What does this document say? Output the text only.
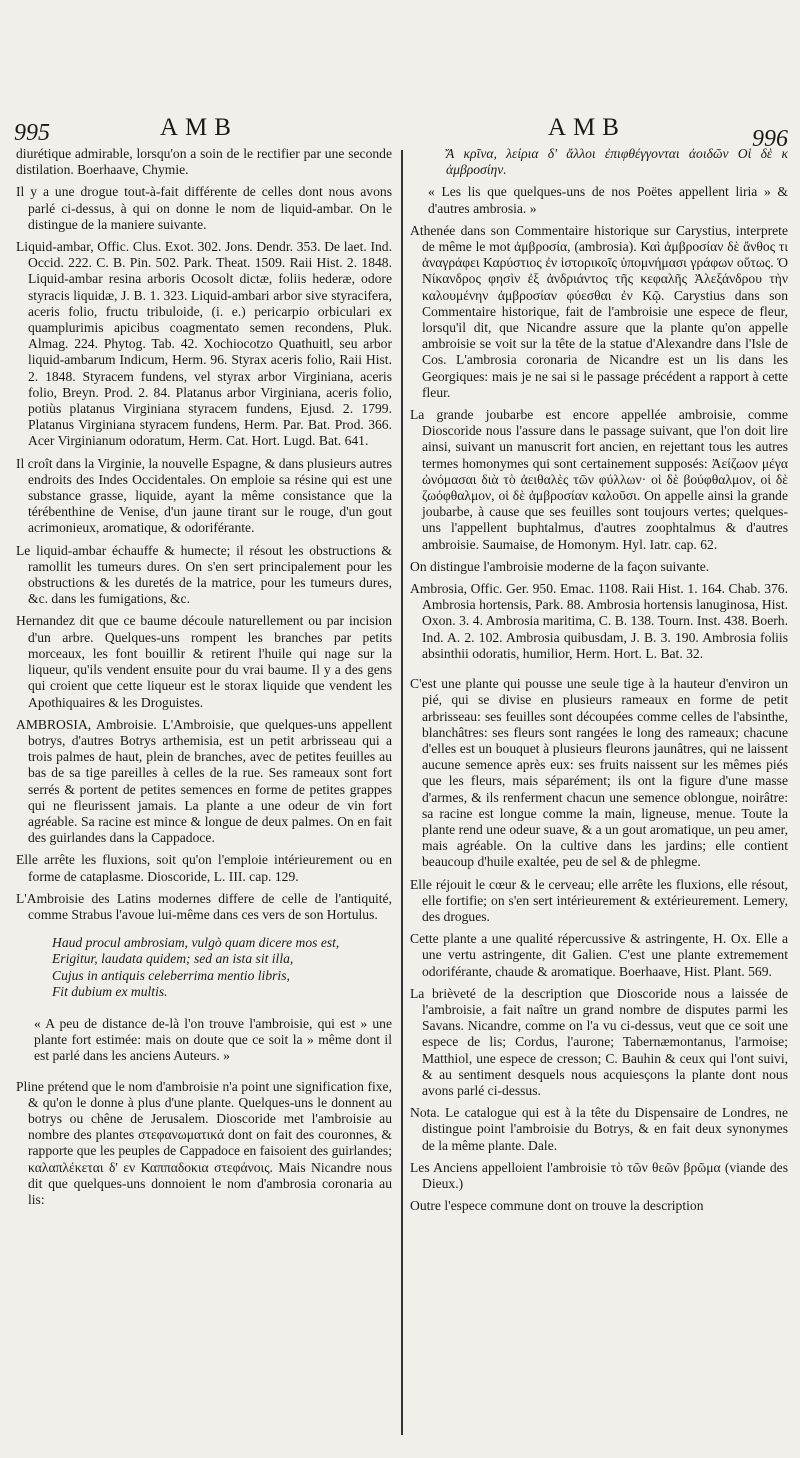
995	AMB	AMB	996

diurétique admirable, lorsqu'on a soin de le rectifier par une seconde distilation. Boerhaave, Chymie.

Il y a une drogue tout-à-fait différente de celles dont nous avons parlé ci-dessus, à qui on donne le nom de liquid-ambar. On le distingue de la maniere suivante.

Liquid-ambar, Offic. Clus. Exot. 302. Jons. Dendr. 353. De laet. Ind. Occid. 222. C. B. Pin. 502. Park. Theat. 1509. Raii Hist. 2. 1848. Liquid-ambar resina arboris Ocosolt dictæ, foliis hederæ, odore styracis liquidæ, J. B. 1. 323. Liquid-ambari arbor sive styracifera, aceris folio, fructu tribuloide, (i. e.) pericarpio orbiculari ex quamplurimis apicibus coagmentato semen recondens, Pluk. Almag. 224. Phytog. Tab. 42. Xochiocotzo Quathuitl, seu arbor liquid-ambarum Indicum, Herm. 96. Styrax aceris folio, Raii Hist. 2. 1848. Styracem fundens, vel styrax arbor Virginiana, aceris folio, Breyn. Prod. 2. 84. Platanus arbor Virginiana, aceris folio, potiùs platanus Virginiana styracem fundens, Ejusd. 2. 1799. Platanus Virginiana styracem fundens, Herm. Par. Bat. Prod. 366. Acer Virginianum odoratum, Herm. Cat. Hort. Lugd. Bat. 641.

Il croît dans la Virginie, la nouvelle Espagne, & dans plusieurs autres endroits des Indes Occidentales. On emploie sa résine qui est une substance grasse, liquide, ayant la même consistance que la térébenthine de Venise, d'un jaune tirant sur le rouge, d'un gout acrimonieux, aromatique, & odoriférante.

Le liquid-ambar échauffe & humecte; il résout les obstructions & ramollit les tumeurs dures. On s'en sert principalement pour les obstructions & les duretés de la matrice, pour les tumeurs dures, &c. dans les fumigations, &c.

Hernandez dit que ce baume découle naturellement ou par incision d'un arbre. Quelques-uns rompent les branches par petits morceaux, les font bouillir & retirent l'huile qui nage sur la liqueur, qu'ils vendent ensuite pour du vrai baume. Il y a des gens qui croient que cette liqueur est le storax liquide que vendent les Apothiquaires & les Droguistes.

AMBROSIA, Ambroisie. L'Ambroisie, que quelques-uns appellent botrys, d'autres Botrys arthemisia, est un petit arbrisseau qui a trois palmes de haut, plein de branches, avec de petites feuilles au bas de sa tige pareilles à celles de la rue. Ses rameaux sont fort serrés & portent de petites semences en forme de petites grappes qui ne fleurissent jamais. La plante a une odeur de vin fort agréable. Sa racine est mince & longue de deux palmes. On en fait des guirlandes dans la Cappadoce.

Elle arrête les fluxions, soit qu'on l'emploie intérieurement ou en forme de cataplasme. Dioscoride, L. III. cap. 129.

L'Ambroisie des Latins modernes differe de celle de l'antiquité, comme Strabus l'avoue lui-même dans ces vers de son Hortulus.

Haud procul ambrosiam, vulgò quam dicere mos est,
Erigitur, laudata quidem; sed an ista sit illa,
Cujus in antiquis celeberrima mentio libris,
Fit dubium ex multis.

« A peu de distance de-là l'on trouve l'ambroisie, qui est » une plante fort estimée: mais on doute que ce soit la » même dont il est parlé dans les anciens Auteurs. »

Pline prétend que le nom d'ambroisie n'a point une signification fixe, & qu'on le donne à plus d'une plante. Quelques-uns le donnent au botrys ou chêne de Jerusalem. Dioscoride met l'ambroisie au nombre des plantes στεφανωματικά dont on fait des couronnes, & rapporte que les peuples de Cappadoce en faisoient des guirlandes; καλαπλέκεται δ' εν Καππαδοκια στεφάνοις. Mais Nicandre nous dit que quelques-uns donnoient le nom d'ambrosia coronaria au lis:

Ἄ κρῖνα, λείρια δ' ἄλλοι ἐπιφθέγγονται ἀοιδῶν Οἱ δὲ κ ἀμβροσίην.

« Les lis que quelques-uns de nos Poëtes appellent liria » & d'autres ambrosia. »

Athenée dans son Commentaire historique sur Carystius, interprete de même le mot ἀμβροσία, (ambrosia). Καὶ ἀμβροσίαν δὲ ἄνθος τι ἀναγράφει Καρύστιος ἐν ἱστορικοῖς ὑπομνήμασι γράφων οὕτως. Ὁ Νίκανδρος φησὶν ἐξ ἀνδριάντος τῆς κεφαλῆς Ἀλεξάνδρου τὴν καλουμένην ἀμβροσίαν φύεσθαι ἐν Κῷ. Carystius dans son Commentaire historique, fait de l'ambroisie une espece de fleur, lorsqu'il dit, que Nicandre assure que la plante qu'on appelle ambroisie se voit sur la tête de la statue d'Alexandre dans l'Isle de Cos. L'ambrosia coronaria de Nicandre est un lis dans les Georgiques: mais je ne sai si le passage précédent a rapport à cette fleur.

La grande joubarbe est encore appellée ambroisie, comme Dioscoride nous l'assure dans le passage suivant, que l'on doit lire ainsi, suivant un manuscrit fort ancien, en rejettant tous les autres termes homonymes qui sont certainement supposés: Ἀείζωον μέγα ὠνόμασαι διὰ τὸ ἀειθαλὲς τῶν φύλλων· οἱ δὲ βούφθαλμον, οἱ δὲ ζωόφθαλμον, οἱ δὲ ἀμβροσίαν καλοῦσι. On appelle ainsi la grande joubarbe, à cause que ses feuilles sont toujours vertes; quelques-uns l'appellent buphtalmus, d'autres zoophtalmus & d'autres ambroisie. Saumaise, de Homonym. Hyl. Iatr. cap. 62.

On distingue l'ambroisie moderne de la façon suivante.

Ambrosia, Offic. Ger. 950. Emac. 1108. Raii Hist. 1. 164. Chab. 376. Ambrosia hortensis, Park. 88. Ambrosia hortensis lanuginosa, Hist. Oxon. 3. 4. Ambrosia maritima, C. B. 138. Tourn. Inst. 438. Boerh. Ind. A. 2. 102. Ambrosia quibusdam, J. B. 3. 190. Ambrosia foliis absinthii odoratis, humilior, Herm. Hort. L. Bat. 32.

C'est une plante qui pousse une seule tige à la hauteur d'environ un pié, qui se divise en plusieurs rameaux en forme de petit arbrisseau: ses feuilles sont découpées comme celles de l'absinthe, blanchâtres: ses fleurs sont rangées le long des rameaux; chacune d'elles est un bouquet à plusieurs fleurons jaunâtres, qui ne laissent aucune semence après eux: ses fruits naissent sur les mêmes piés que les fleurs, mais séparément; ils ont la figure d'une masse d'armes, & ils renferment chacun une semence oblongue, noirâtre: sa racine est longue comme la main, ligneuse, menue. Toute la plante rend une odeur suave, & a un gout aromatique, un peu amer, mais agréable. On la cultive dans les jardins; elle contient beaucoup d'huile exaltée, peu de sel & de phlegme.

Elle réjouit le cœur & le cerveau; elle arrête les fluxions, elle résout, elle fortifie; on s'en sert intérieurement & extérieurement. Lemery, des drogues.

Cette plante a une qualité répercussive & astringente, H. Ox. Elle a une vertu astringente, dit Galien. C'est une plante extremement odoriférante, chaude & aromatique. Boerhaave, Hist. Plant. 569.

La brièveté de la description que Dioscoride nous a laissée de l'ambroisie, a fait naître un grand nombre de disputes parmi les Savans. Nicandre, comme on l'a vu ci-dessus, veut que ce soit une espece de lis; Cordus, l'aurone; Tabernæmontanus, l'armoise; Matthiol, une espece de cresson; C. Bauhin & ceux qui l'ont suivi, & au sentiment desquels nous acquiesçons la plante dont nous avons parlé ci-dessus.

Nota. Le catalogue qui est à la tête du Dispensaire de Londres, ne distingue point l'ambroisie du Botrys, & en fait deux synonymes de la même plante. Dale.

Les Anciens appelloient l'ambroisie τὸ τῶν θεῶν βρῶμα (viande des Dieux.)

Outre l'espece commune dont on trouve la description
